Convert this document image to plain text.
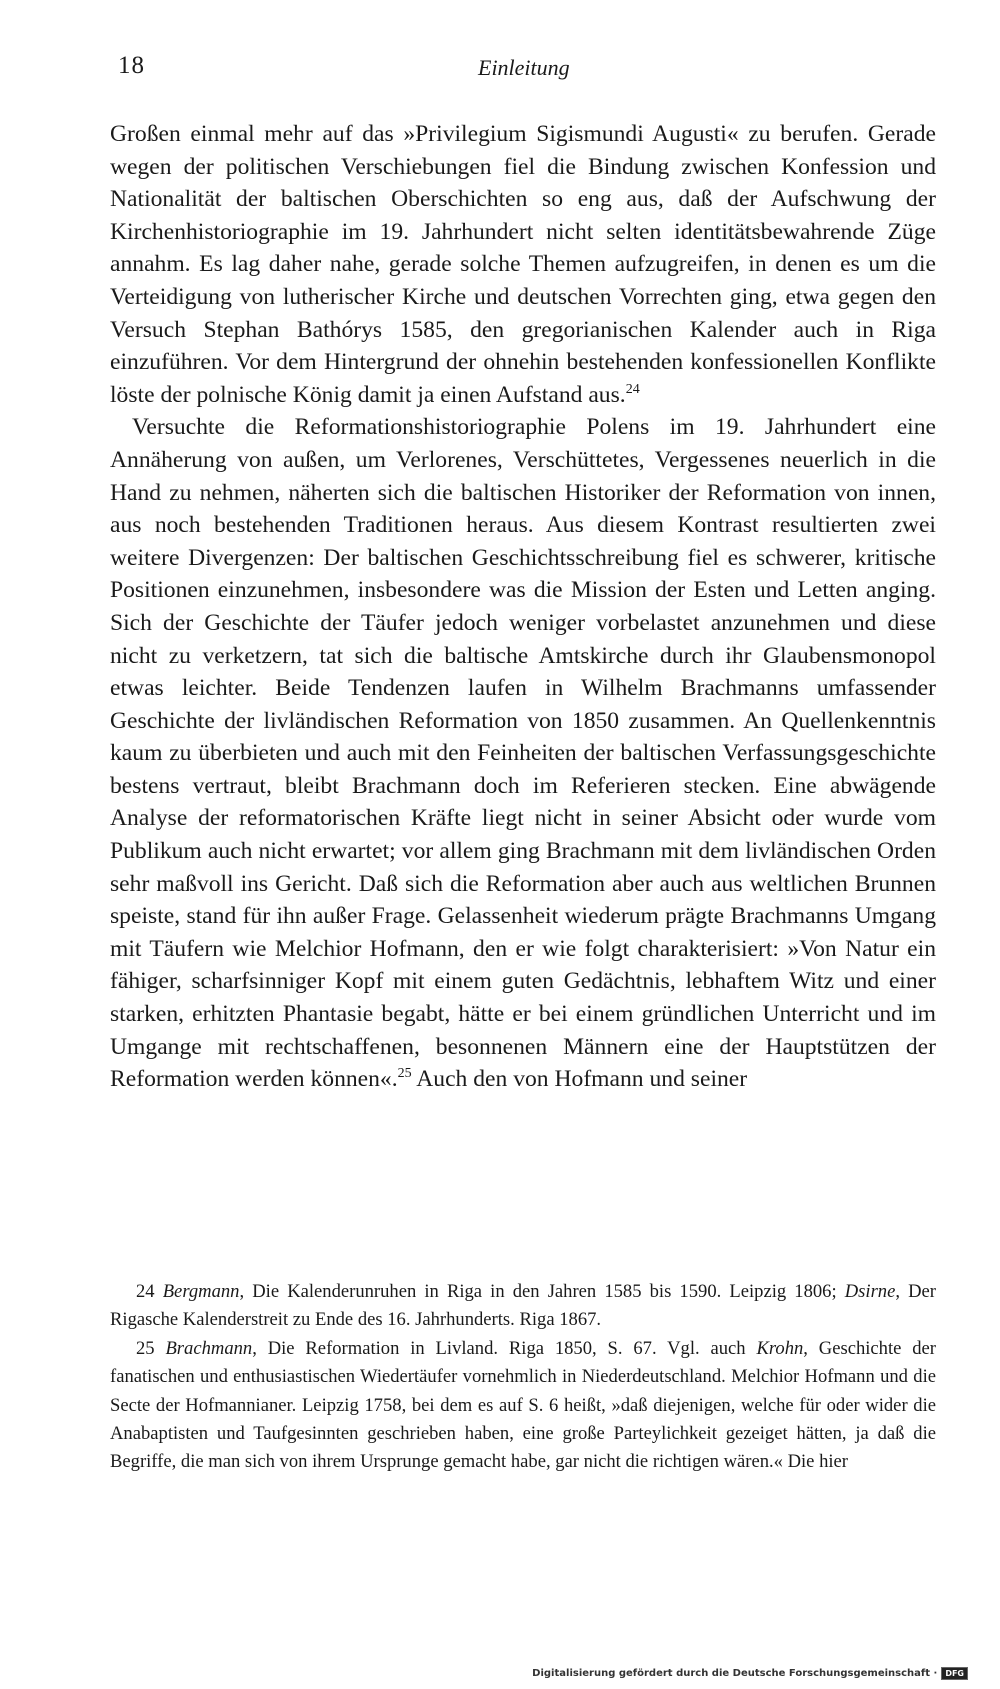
18	Einleitung

Großen einmal mehr auf das »Privilegium Sigismundi Augusti« zu berufen. Gerade wegen der politischen Verschiebungen fiel die Bindung zwischen Konfession und Nationalität der baltischen Oberschichten so eng aus, daß der Aufschwung der Kirchenhistoriographie im 19. Jahrhundert nicht selten identitätsbewahrende Züge annahm. Es lag daher nahe, gerade solche Themen aufzugreifen, in denen es um die Verteidigung von lutherischer Kirche und deutschen Vorrechten ging, etwa gegen den Versuch Stephan Bathórys 1585, den gregorianischen Kalender auch in Riga einzuführen. Vor dem Hintergrund der ohnehin bestehenden konfessionellen Konflikte löste der polnische König damit ja einen Aufstand aus.$^{24}$

Versuchte die Reformationshistoriographie Polens im 19. Jahrhundert eine Annäherung von außen, um Verlorenes, Verschüttetes, Vergessenes neuerlich in die Hand zu nehmen, näherten sich die baltischen Historiker der Reformation von innen, aus noch bestehenden Traditionen heraus. Aus diesem Kontrast resultierten zwei weitere Divergenzen: Der baltischen Geschichtsschreibung fiel es schwerer, kritische Positionen einzunehmen, insbesondere was die Mission der Esten und Letten anging. Sich der Geschichte der Täufer jedoch weniger vorbelastet anzunehmen und diese nicht zu verketzern, tat sich die baltische Amtskirche durch ihr Glaubensmonopol etwas leichter. Beide Tendenzen laufen in Wilhelm Brachmanns umfassender Geschichte der livländischen Reformation von 1850 zusammen. An Quellenkenntnis kaum zu überbieten und auch mit den Feinheiten der baltischen Verfassungsgeschichte bestens vertraut, bleibt Brachmann doch im Referieren stecken. Eine abwägende Analyse der reformatorischen Kräfte liegt nicht in seiner Absicht oder wurde vom Publikum auch nicht erwartet; vor allem ging Brachmann mit dem livländischen Orden sehr maßvoll ins Gericht. Daß sich die Reformation aber auch aus weltlichen Brunnen speiste, stand für ihn außer Frage. Gelassenheit wiederum prägte Brachmanns Umgang mit Täufern wie Melchior Hofmann, den er wie folgt charakterisiert: »Von Natur ein fähiger, scharfsinniger Kopf mit einem guten Gedächtnis, lebhaftem Witz und einer starken, erhitzten Phantasie begabt, hätte er bei einem gründlichen Unterricht und im Umgange mit rechtschaffenen, besonnenen Männern eine der Hauptstützen der Reformation werden können«.$^{25}$ Auch den von Hofmann und seiner

24 Bergmann, Die Kalenderunruhen in Riga in den Jahren 1585 bis 1590. Leipzig 1806; Dsirne, Der Rigasche Kalenderstreit zu Ende des 16. Jahrhunderts. Riga 1867.

25 Brachmann, Die Reformation in Livland. Riga 1850, S. 67. Vgl. auch Krohn, Geschichte der fanatischen und enthusiastischen Wiedertäufer vornehmlich in Niederdeutschland. Melchior Hofmann und die Secte der Hofmannianer. Leipzig 1758, bei dem es auf S. 6 heißt, »daß diejenigen, welche für oder wider die Anabaptisten und Taufgesinnten geschrieben haben, eine große Parteylichkeit gezeiget hätten, ja daß die Begriffe, die man sich von ihrem Ursprunge gemacht habe, gar nicht die richtigen wären.« Die hier

Digitalisierung gefördert durch die Deutsche Forschungsgemeinschaft ·	DFG
